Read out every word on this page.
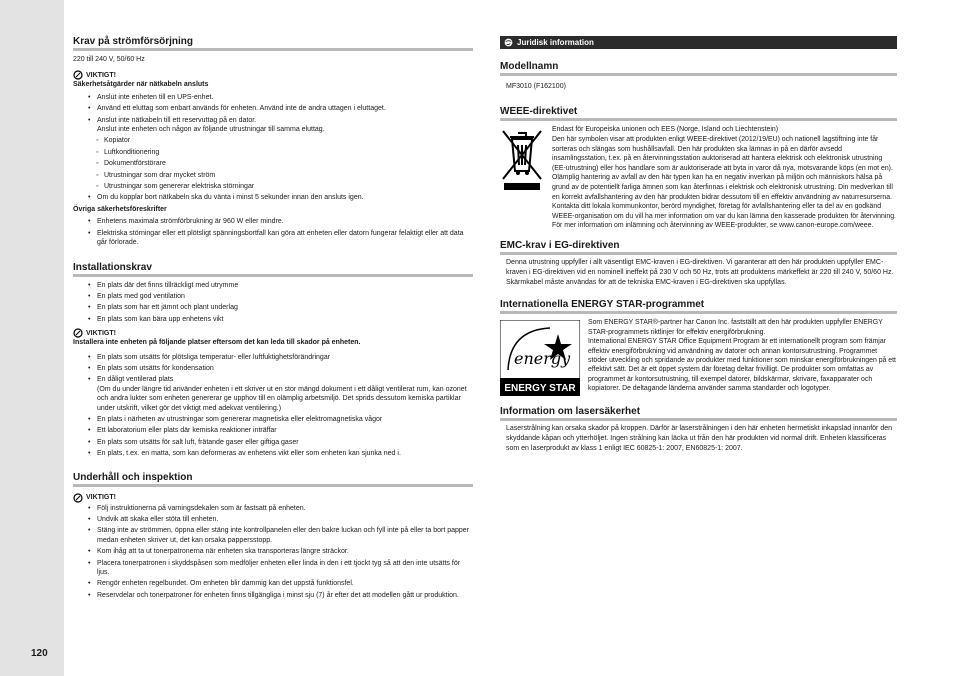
120
Krav på strömförsörjning
220 till 240 V, 50/60 Hz
VIKTIGT!
Säkerhetsåtgärder när nätkabeln ansluts
• Anslut inte enheten till en UPS-enhet.
• Använd ett eluttag som enbart används för enheten. Använd inte de andra uttagen i eluttaget.
• Anslut inte nätkabeln till ett reservuttag på en dator.
Anslut inte enheten och någon av följande utrustningar till samma eluttag.
◦ Kopiator
◦ Luftkonditionering
◦ Dokumentförstörare
◦ Utrustningar som drar mycket ström
◦ Utrustningar som genererar elektriska störningar
• Om du kopplar bort nätkabeln ska du vänta i minst 5 sekunder innan den ansluts igen.
Övriga säkerhetsföreskrifter
• Enhetens maximala strömförbrukning är 960 W eller mindre.
• Elektriska störningar eller ett plötsligt spänningsbortfall kan göra att enheten eller datorn fungerar felaktigt eller att data går förlorade.
Installationskrav
• En plats där det finns tillräckligt med utrymme
• En plats med god ventilation
• En plats som har ett jämnt och plant underlag
• En plats som kan bära upp enhetens vikt
VIKTIGT!
Installera inte enheten på följande platser eftersom det kan leda till skador på enheten.
• En plats som utsätts för plötsliga temperatur- eller luftfuktighetsförändringar
• En plats som utsätts för kondensation
• En dåligt ventilerad plats
(Om du under längre tid använder enheten i ett skriver ut en stor mängd dokument i ett dåligt ventilerat rum, kan ozonet och andra lukter som enheten genererar ge upphov till en olämplig arbetsmiljö. Det sprids dessutom kemiska partiklar under utskrift, vilket gör det viktigt med adekvat ventilering.)
• En plats i närheten av utrustningar som genererar magnetiska eller elektromagnetiska vågor
• Ett laboratorium eller plats där kemiska reaktioner inträffar
• En plats som utsätts för salt luft, frätande gaser eller giftiga gaser
• En plats, t.ex. en matta, som kan deformeras av enhetens vikt eller som enheten kan sjunka ned i.
Underhåll och inspektion
VIKTIGT!
• Följ instruktionerna på varningsdekalen som är fastsatt på enheten.
• Undvik att skaka eller stöta till enheten.
• Stäng inte av strömmen, öppna eller stäng inte kontrollpanelen eller den bakre luckan och fyll inte på eller ta bort papper medan enheten skriver ut, det kan orsaka pappersstopp.
• Kom ihåg att ta ut tonerpatronerna när enheten ska transporteras längre sträckor.
• Placera tonerpatronen i skyddspåsen som medföljer enheten eller linda in den i ett tjockt tyg så att den inte utsätts för ljus.
• Rengör enheten regelbundet. Om enheten blir dammig kan det uppstå funktionsfel.
• Reservdelar och tonerpatroner för enheten finns tillgängliga i minst sju (7) år efter det att modellen gått ur produktion.
Juridisk information
Modellnamn
MF3010 (F162100)
WEEE-direktivet
Endast för Europeiska unionen och EES (Norge, Island och Liechtenstein)
Den här symbolen visar att produkten enligt WEEE-direktivet (2012/19/EU) och nationell lagstiftning inte får sorteras och slängas som hushållsavfall. Den här produkten ska lämnas in på en därför avsedd insamlingsstation, t.ex. på en återvinningsstation auktoriserad att hantera elektrisk och elektronisk utrustning (EE-utrustning) eller hos handlare som är auktoriserade att byta in varor då nya, motsvarande köps (en mot en). Olämplig hantering av avfall av den här typen kan ha en negativ inverkan på miljön och människors hälsa på grund av de potentiellt farliga ämnen som kan återfinnas i elektrisk och elektronisk utrustning. Din medverkan till en korrekt avfallshantering av den här produkten bidrar dessutom till en effektiv användning av naturresurserna. Kontakta ditt lokala kommunkontor, berörd myndighet, företag för avfallshantering eller ta del av en godkänd WEEE-organisation om du vill ha mer information om var du kan lämna den kasserade produkten för återvinning. För mer information om inlämning och återvinning av WEEE-produkter, se www.canon-europe.com/weee.
EMC-krav i EG-direktiven
Denna utrustning uppfyller i allt väsentligt EMC-kraven i EG-direktiven. Vi garanterar att den här produkten uppfyller EMC-kraven i EG-direktiven vid en nominell ineffekt på 230 V och 50 Hz, trots att produktens märkeffekt är 220 till 240 V, 50/60 Hz. Skärmkabel måste användas för att de tekniska EMC-kraven i EG-direktiven ska uppfyllas.
Internationella ENERGY STAR-programmet
energy
ENERGY STAR
Som ENERGY STAR®-partner har Canon Inc. fastställt att den här produkten uppfyller ENERGY STAR-programmets riktlinjer för effektiv energiförbrukning.
International ENERGY STAR Office Equipment Program är ett internationellt program som främjar effektiv energiförbrukning vid användning av datorer och annan kontorsutrustning. Programmet stöder utveckling och spridande av produkter med funktioner som minskar energiförbrukningen på ett effektivt sätt. Det är ett öppet system där företag deltar frivilligt. De produkter som omfattas av programmet är kontorsutrustning, till exempel datorer, bildskärmar, skrivare, faxapparater och kopiatorer. De deltagande länderna använder samma standarder och logotyper.
Information om lasersäkerhet
Laserstrålning kan orsaka skador på kroppen. Därför är laserstrålningen i den här enheten hermetiskt inkapslad innanför den skyddande kåpan och ytterhöljet. Ingen strålning kan läcka ut från den här produkten vid normal drift. Enheten klassificeras som en laserprodukt av klass 1 enligt IEC 60825-1: 2007, EN60825-1: 2007.
